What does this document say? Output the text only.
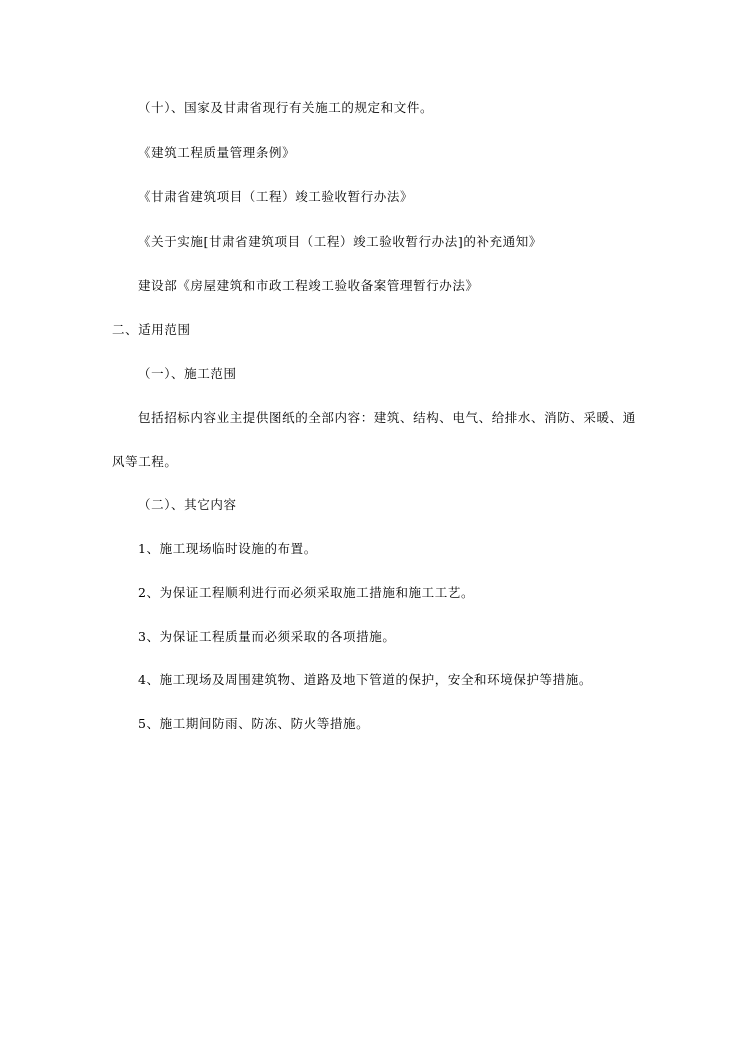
（十）、国家及甘肃省现行有关施工的规定和文件。
《建筑工程质量管理条例》
《甘肃省建筑项目（工程）竣工验收暂行办法》
《关于实施[甘肃省建筑项目（工程）竣工验收暂行办法]的补充通知》
建设部《房屋建筑和市政工程竣工验收备案管理暂行办法》
二、适用范围
（一）、施工范围
包括招标内容业主提供图纸的全部内容：建筑、结构、电气、给排水、消防、采暖、通
风等工程。
（二）、其它内容
1、施工现场临时设施的布置。
2、为保证工程顺利进行而必须采取施工措施和施工工艺。
3、为保证工程质量而必须采取的各项措施。
4、施工现场及周围建筑物、道路及地下管道的保护，安全和环境保护等措施。
5、施工期间防雨、防冻、防火等措施。
